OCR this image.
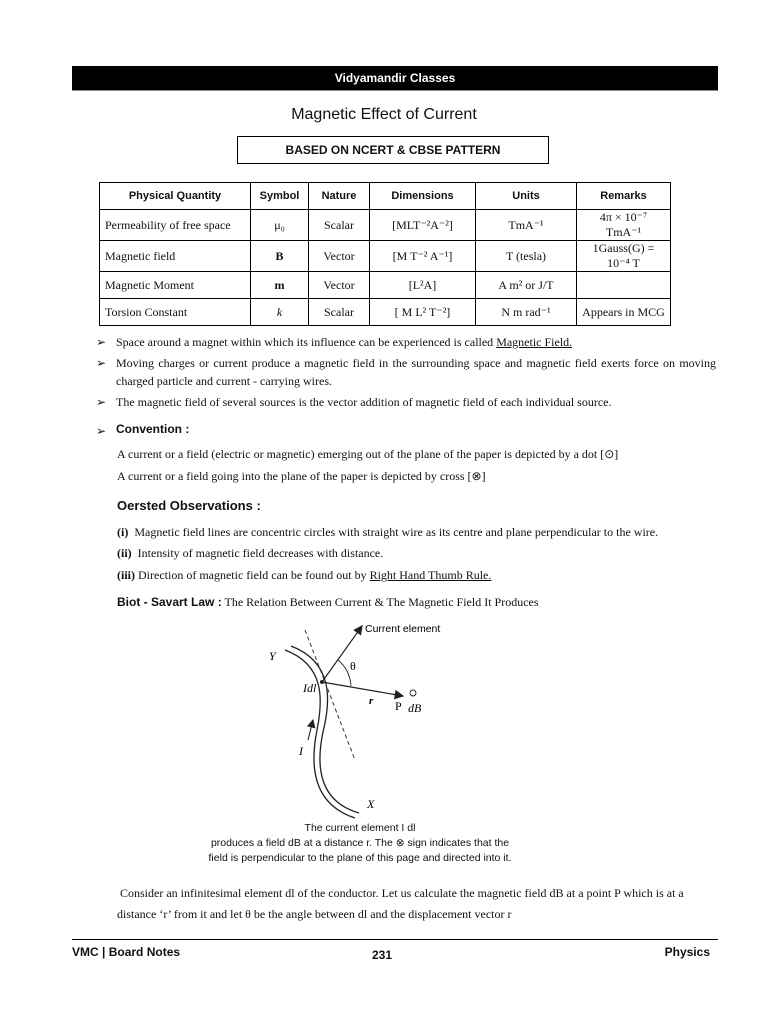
Vidyamandir Classes
Magnetic Effect of Current
BASED ON NCERT & CBSE PATTERN
Physical Quantity	Symbol	Nature	Dimensions	Units	Remarks
Permeability of free space	μ₀	Scalar	[MLT⁻²A⁻²]	TmA⁻¹	4π × 10⁻⁷ TmA⁻¹
Magnetic field	B	Vector	[M T⁻² A⁻¹]	T (tesla)	1Gauss(G) = 10⁻⁴ T
Magnetic Moment	m	Vector	[L²A]	A m² or J/T	
Torsion Constant	k	Scalar	[ M L² T⁻²]	N m rad⁻¹	Appears in MCG
➢ Space around a magnet within which its influence can be experienced is called Magnetic Field.
➢ Moving charges or current produce a magnetic field in the surrounding space and magnetic field exerts force on moving charged particle and current - carrying wires.
➢ The magnetic field of several sources is the vector addition of magnetic field of each individual source.
➢ Convention :
A current or a field (electric or magnetic) emerging out of the plane of the paper is depicted by a dot [⊙]
A current or a field going into the plane of the paper is depicted by cross [⊗]
Oersted Observations :
(i) Magnetic field lines are concentric circles with straight wire as its centre and plane perpendicular to the wire.
(ii) Intensity of magnetic field decreases with distance.
(iii) Direction of magnetic field can be found out by Right Hand Thumb Rule.
Biot - Savart Law : The Relation Between Current & The Magnetic Field It Produces
Current element
Y
θ
Idl
r P dB
I
X
The current element I dl
produces a field dB at a distance r. The ⊗ sign indicates that the
field is perpendicular to the plane of this page and directed into it.
Consider an infinitesimal element dl of the conductor. Let us calculate the magnetic field dB at a point P which is at a
distance ‘r’ from it and let θ be the angle between dl and the displacement vector r
VMC | Board Notes	231	Physics
